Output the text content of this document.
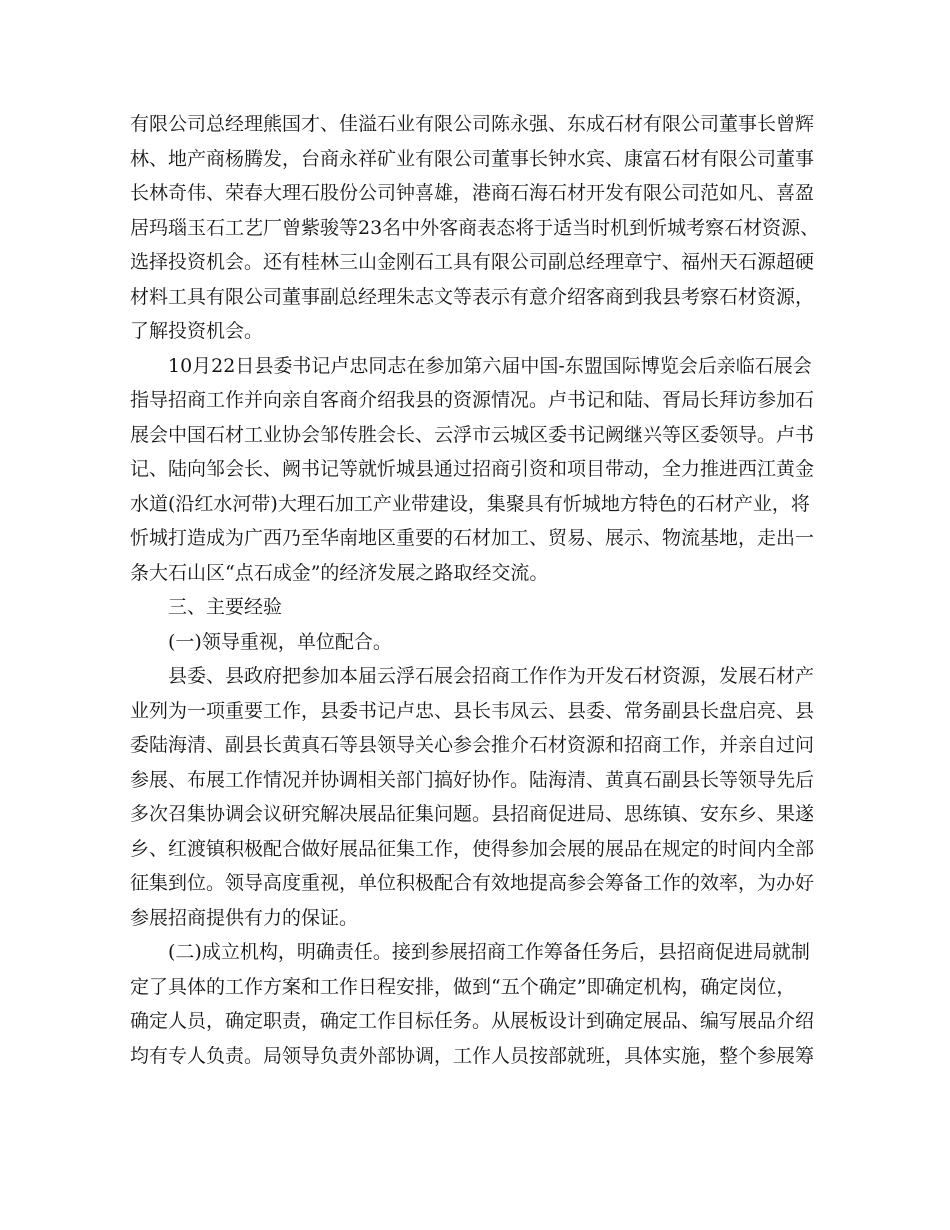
有限公司总经理熊国才、佳溢石业有限公司陈永强、东成石材有限公司董事长曾辉
林、地产商杨腾发，台商永祥矿业有限公司董事长钟水宾、康富石材有限公司董事
长林奇伟、荣春大理石股份公司钟喜雄，港商石海石材开发有限公司范如凡、喜盈
居玛瑙玉石工艺厂曾紫骏等23名中外客商表态将于适当时机到忻城考察石材资源、
选择投资机会。还有桂林三山金刚石工具有限公司副总经理章宁、福州天石源超硬
材料工具有限公司董事副总经理朱志文等表示有意介绍客商到我县考察石材资源，
了解投资机会。
10月22日县委书记卢忠同志在参加第六届中国-东盟国际博览会后亲临石展会
指导招商工作并向亲自客商介绍我县的资源情况。卢书记和陆、胥局长拜访参加石
展会中国石材工业协会邹传胜会长、云浮市云城区委书记阙继兴等区委领导。卢书
记、陆向邹会长、阙书记等就忻城县通过招商引资和项目带动，全力推进西江黄金
水道(沿红水河带)大理石加工产业带建设，集聚具有忻城地方特色的石材产业，将
忻城打造成为广西乃至华南地区重要的石材加工、贸易、展示、物流基地，走出一
条大石山区“点石成金”的经济发展之路取经交流。
三、主要经验
(一)领导重视，单位配合。
县委、县政府把参加本届云浮石展会招商工作作为开发石材资源，发展石材产
业列为一项重要工作，县委书记卢忠、县长韦凤云、县委、常务副县长盘启亮、县
委陆海清、副县长黄真石等县领导关心参会推介石材资源和招商工作，并亲自过问
参展、布展工作情况并协调相关部门搞好协作。陆海清、黄真石副县长等领导先后
多次召集协调会议研究解决展品征集问题。县招商促进局、思练镇、安东乡、果遂
乡、红渡镇积极配合做好展品征集工作，使得参加会展的展品在规定的时间内全部
征集到位。领导高度重视，单位积极配合有效地提高参会筹备工作的效率，为办好
参展招商提供有力的保证。
(二)成立机构，明确责任。接到参展招商工作筹备任务后，县招商促进局就制
定了具体的工作方案和工作日程安排，做到“五个确定”即确定机构，确定岗位，
确定人员，确定职责，确定工作目标任务。从展板设计到确定展品、编写展品介绍
均有专人负责。局领导负责外部协调，工作人员按部就班，具体实施，整个参展筹
